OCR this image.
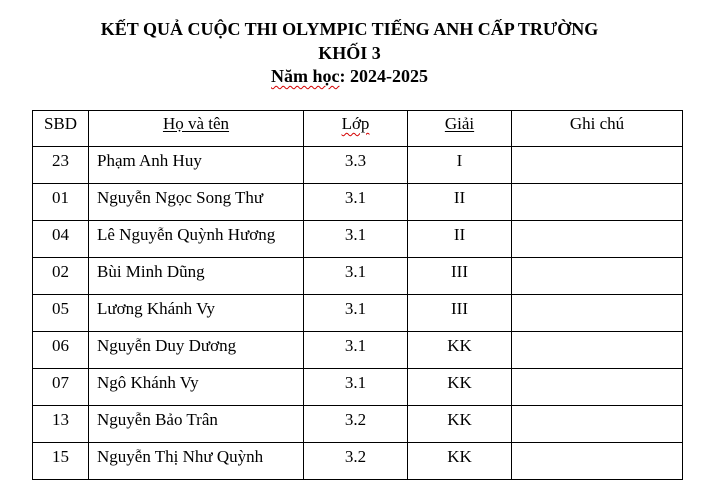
KẾT QUẢ CUỘC THI OLYMPIC TIẾNG ANH CẤP TRƯỜNG
KHỐI 3
Năm học: 2024-2025
SBD	Họ và tên	Lớp	Giải	Ghi chú
23	Phạm Anh Huy	3.3	I	
01	Nguyễn Ngọc Song Thư	3.1	II	
04	Lê Nguyễn Quỳnh Hương	3.1	II	
02	Bùi Minh Dũng	3.1	III	
05	Lương Khánh Vy	3.1	III	
06	Nguyễn Duy Dương	3.1	KK	
07	Ngô Khánh Vy	3.1	KK	
13	Nguyễn Bảo Trân	3.2	KK	
15	Nguyễn Thị Như Quỳnh	3.2	KK	
